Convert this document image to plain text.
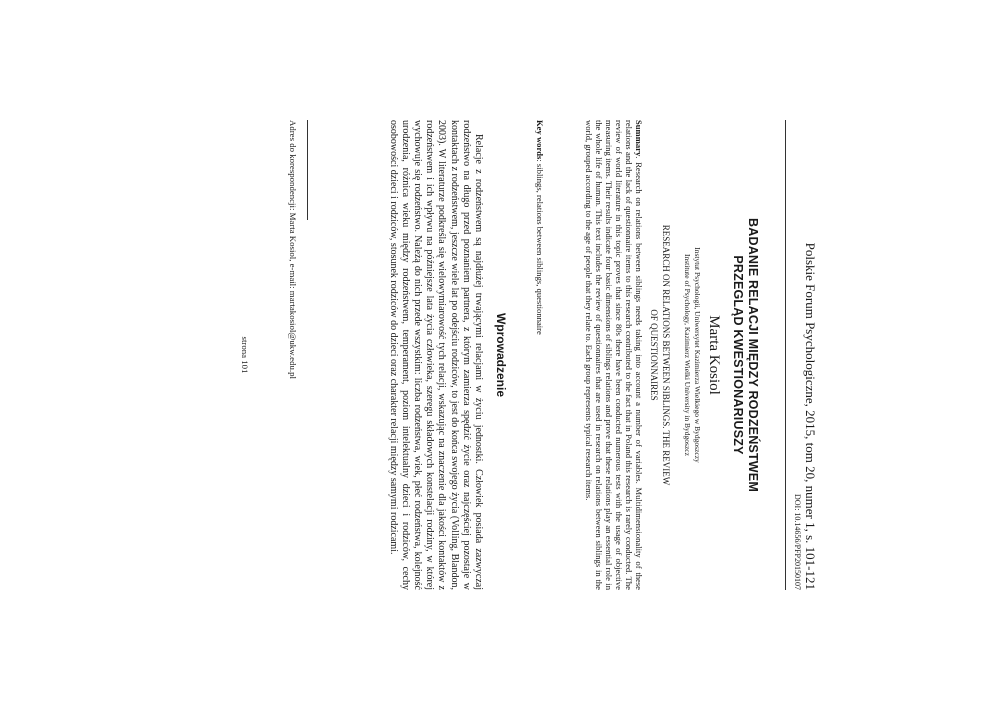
Polskie Forum Psychologiczne, 2015, tom 20, numer 1, s. 101-121
DOI: 10.14656/PFP20150107
BADANIE RELACJI MIĘDZY RODZEŃSTWEM
PRZEGLĄD KWESTIONARIUSZY
Marta Kosiol
Instytut Psychologii, Uniwersytet Kazimierza Wielkiego w Bydgoszczy
Institute of Psychology, Kazimierz Wielki University in Bydgoszcz
RESEARCH ON RELATIONS BETWEEN SIBLINGS. THE REVIEW
OF QUESTIONNAIRES
Summary. Research on relations between siblings needs taking into account a number of variables. Multidimensionality of these relations and the lack of questionnaire items to this research contributed to the fact that in Poland this research is rarely conducted. The review of world literature in this topic proves that since 80s there have been conducted numerous tests with the usage of objective measuring items. Their results indicate four basic dimensions of siblings relations and prove that these relations play an essential role in the whole life of human. This text includes the review of questionnaires that are used in research on relations between siblings in the world, grouped according to the age of people that they relate to. Each group represents typical research items.
Key words: siblings, relations between siblings, questionnaire
Wprowadzenie
Relacje z rodzeństwem są najdłużej trwającymi relacjami w życiu jednostki. Człowiek posiada zazwyczaj rodzeństwo na długo przed poznaniem partnera, z którym zamierza spędzić życie oraz najczęściej pozostaje w kontaktach z rodzeństwem, jeszcze wiele lat po odejściu rodziców, to jest do końca swojego życia (Volling, Blandon, 2003). W literaturze podkreśla się wielowymiarowość tych relacji, wskazując na znaczenie dla jakości kontaktów z rodzeństwem i ich wpływu na późniejsze lata życia człowieka, szeregu składowych konstelacji rodziny, w której wychowuje się rodzeństwo. Należą do nich przede wszystkim: liczba rodzeństwa, wiek, płeć rodzeństwa, kolejność urodzenia, różnica wieku między rodzeństwem, temperament, poziom intelektualny dzieci i rodziców, cechy osobowości dzieci i rodziców, stosunek rodziców do dzieci oraz charakter relacji między samymi rodzicami.
Adres do korespondencji: Marta Kosiol, e-mail: martakosiol@ukw.edu.pl
strona 101
